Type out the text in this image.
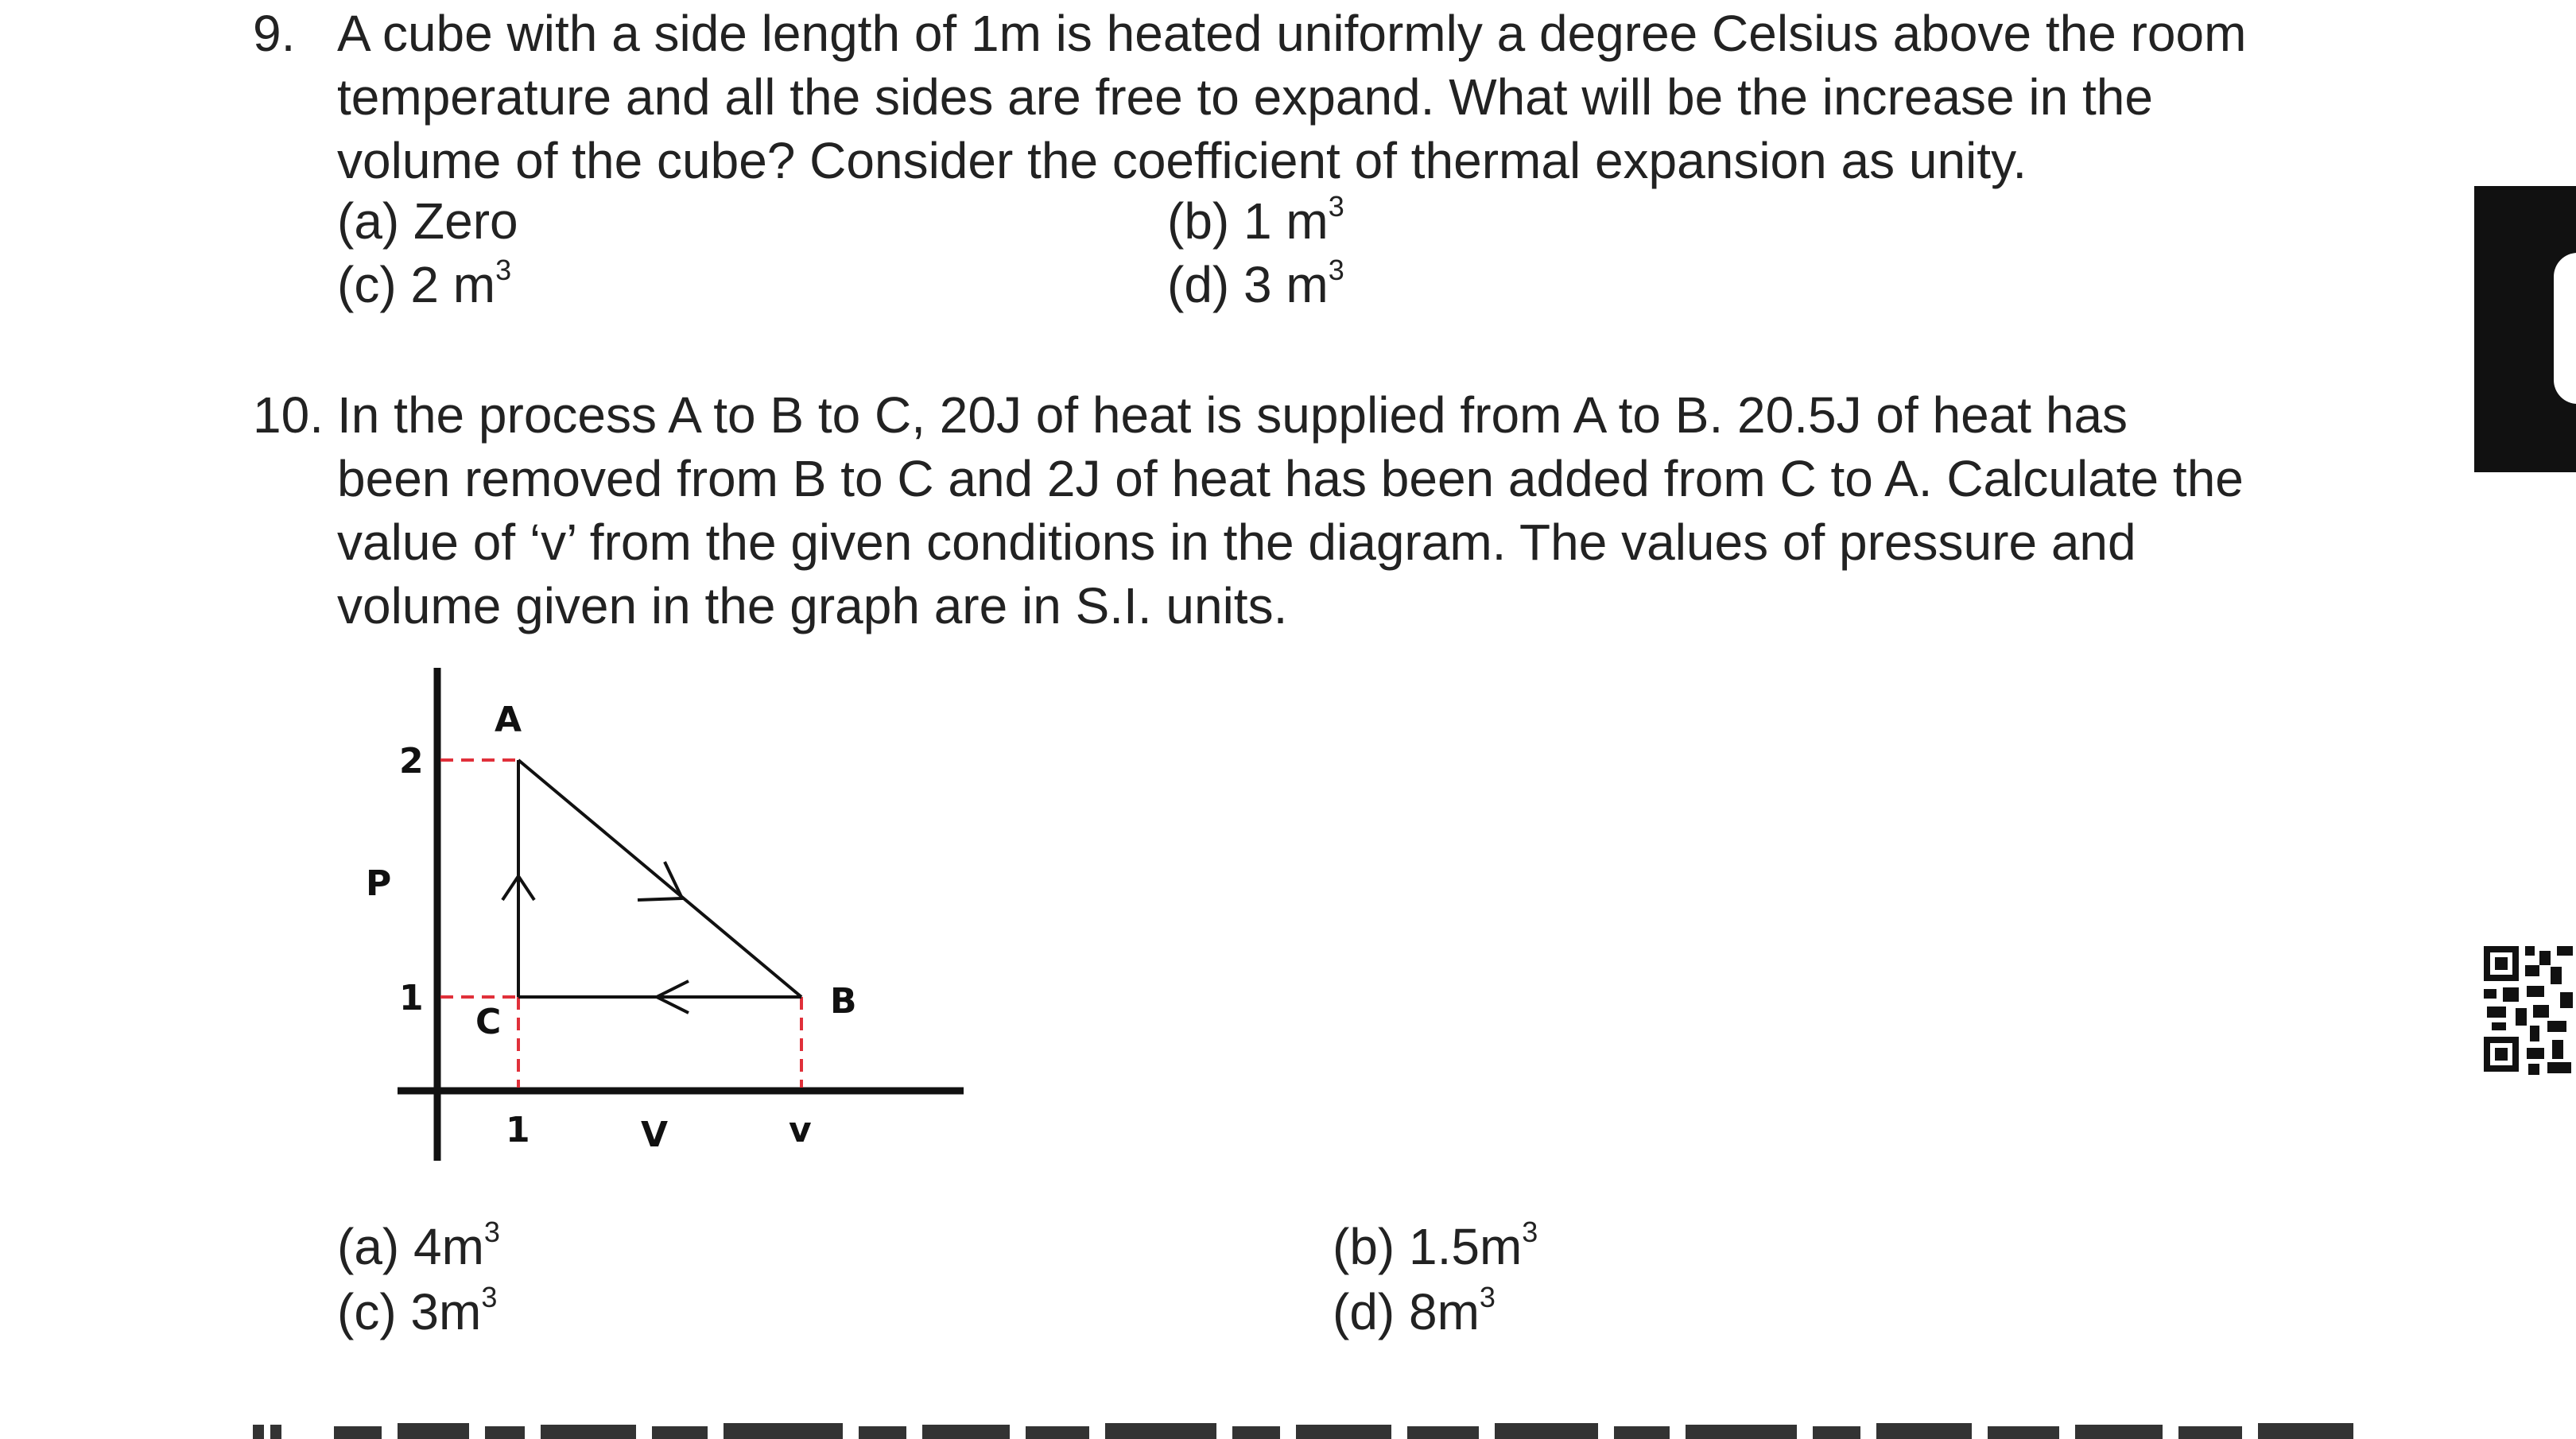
9. A cube with a side length of 1m is heated uniformly a degree Celsius above the room
temperature and all the sides are free to expand. What will be the increase in the
volume of the cube? Consider the coefficient of thermal expansion as unity.
(a) Zero	(b) 1 $m^3$
(c) 2 $m^3$	(d) 3 $m^3$
10. In the process A to B to C, 20J of heat is supplied from A to B. 20.5J of heat has
been removed from B to C and 2J of heat has been added from C to A. Calculate the
value of ‘v’ from the given conditions in the diagram. The values of pressure and
volume given in the graph are in S.I. units.
A
B
C
P
2
1
1	V	v
(a) $4m^3$	(b) $1.5m^3$
(c) $3m^3$	(d) $8m^3$
